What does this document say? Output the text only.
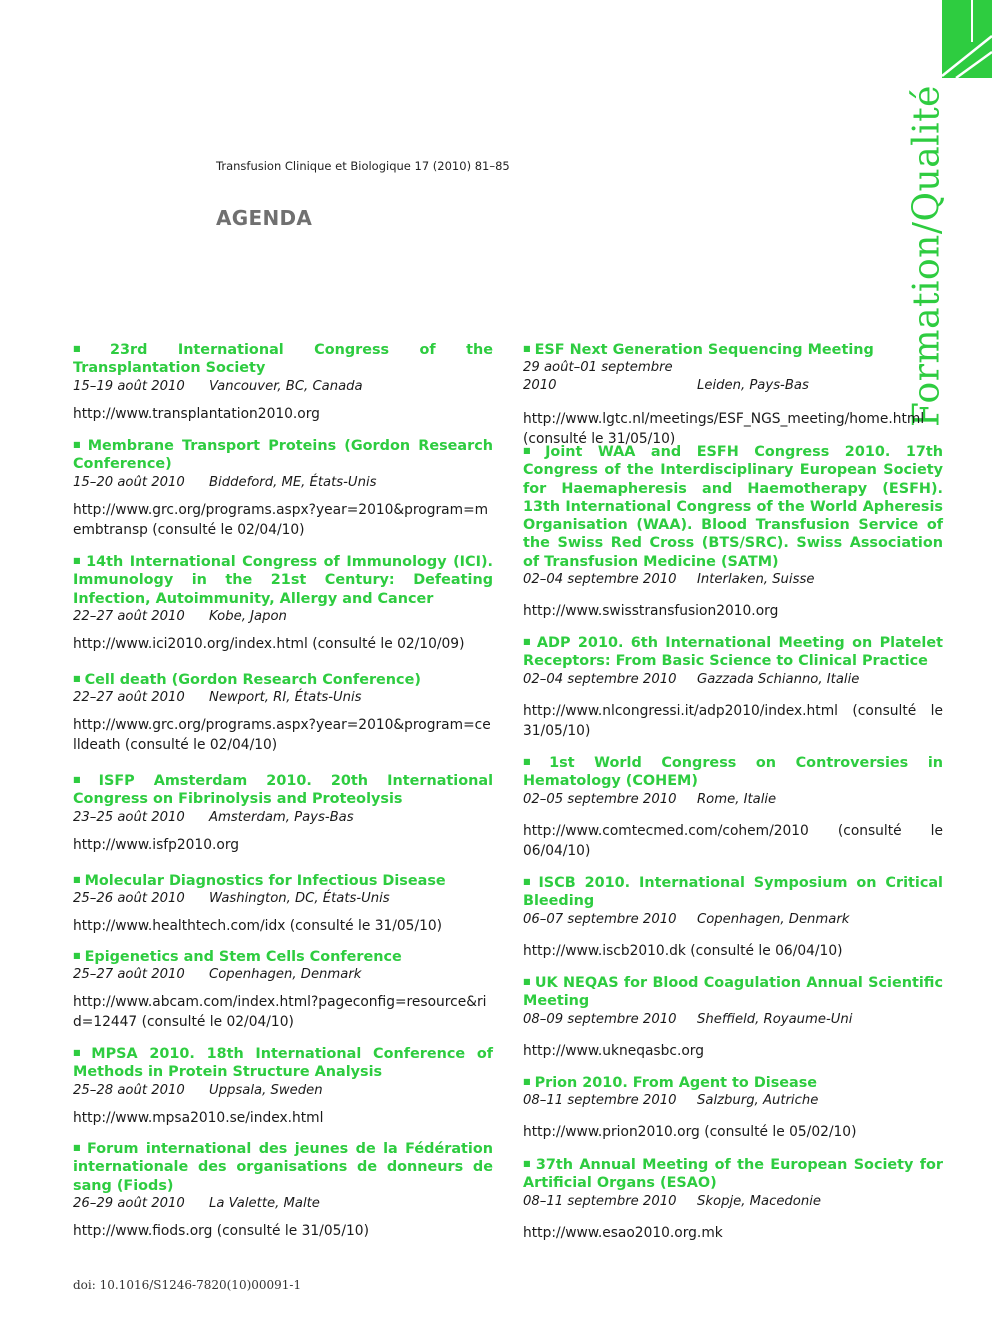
Transfusion Clinique et Biologique 17 (2010) 81–85
AGENDA	Formation/Qualité

■ 23rd International Congress of the Transplantation Society

15–19 août 2010 Vancouver, BC, Canada
http://www.transplantation2010.org

■ Membrane Transport Proteins (Gordon Research Conference)

15–20 août 2010 Biddeford, ME, États-Unis
http://www.grc.org/programs.aspx?year=2010&program=membtransp (consulté le 02/04/10)

■ 14th International Congress of Immunology (ICI). Immunology in the 21st Century: Defeating Infection, Autoimmunity, Allergy and Cancer

22–27 août 2010 Kobe, Japon
http://www.ici2010.org/index.html (consulté le 02/10/09)

■ Cell death (Gordon Research Conference)

22–27 août 2010 Newport, RI, États-Unis
http://www.grc.org/programs.aspx?year=2010&program=celldeath (consulté le 02/04/10)

■ ISFP Amsterdam 2010. 20th International Congress on Fibrinolysis and Proteolysis

23–25 août 2010 Amsterdam, Pays-Bas
http://www.isfp2010.org

■ Molecular Diagnostics for Infectious Disease

25–26 août 2010 Washington, DC, États-Unis
http://www.healthtech.com/idx (consulté le 31/05/10)

■ Epigenetics and Stem Cells Conference

25–27 août 2010 Copenhagen, Denmark
http://www.abcam.com/index.html?pageconfig=resource&rid=12447 (consulté le 02/04/10)

■ MPSA 2010. 18th International Conference of Methods in Protein Structure Analysis

25–28 août 2010 Uppsala, Sweden
http://www.mpsa2010.se/index.html

■ Forum international des jeunes de la Fédération internationale des organisations de donneurs de sang (Fiods)

26–29 août 2010 La Valette, Malte
http://www.fiods.org (consulté le 31/05/10)

■ ESF Next Generation Sequencing Meeting

29 août–01 septembre 2010	Leiden, Pays-Bas
http://www.lgtc.nl/meetings/ESF_NGS_meeting/home.html (consulté le 31/05/10)

■ Joint WAA and ESFH Congress 2010. 17th Congress of the Interdisciplinary European Society for Haemapheresis and Haemotherapy (ESFH). 13th International Congress of the World Apheresis Organisation (WAA). Blood Transfusion Service of the Swiss Red Cross (BTS/SRC). Swiss Association of Transfusion Medicine (SATM)

02–04 septembre 2010 Interlaken, Suisse
http://www.swisstransfusion2010.org

■ ADP 2010. 6th International Meeting on Platelet Receptors: From Basic Science to Clinical Practice

02–04 septembre 2010 Gazzada Schianno, Italie
http://www.nlcongressi.it/adp2010/index.html (consulté le 31/05/10)

■ 1st World Congress on Controversies in Hematology (COHEM)

02–05 septembre 2010 Rome, Italie
http://www.comtecmed.com/cohem/2010 (consulté le 06/04/10)

■ ISCB 2010. International Symposium on Critical Bleeding

06–07 septembre 2010 Copenhagen, Denmark
http://www.iscb2010.dk (consulté le 06/04/10)

■ UK NEQAS for Blood Coagulation Annual Scientific Meeting

08–09 septembre 2010 Sheffield, Royaume-Uni
http://www.ukneqasbc.org

■ Prion 2010. From Agent to Disease

08–11 septembre 2010 Salzburg, Autriche
http://www.prion2010.org (consulté le 05/02/10)

■ 37th Annual Meeting of the European Society for Artificial Organs (ESAO)

08–11 septembre 2010 Skopje, Macedonie
http://www.esao2010.org.mk
doi: 10.1016/S1246-7820(10)00091-1
